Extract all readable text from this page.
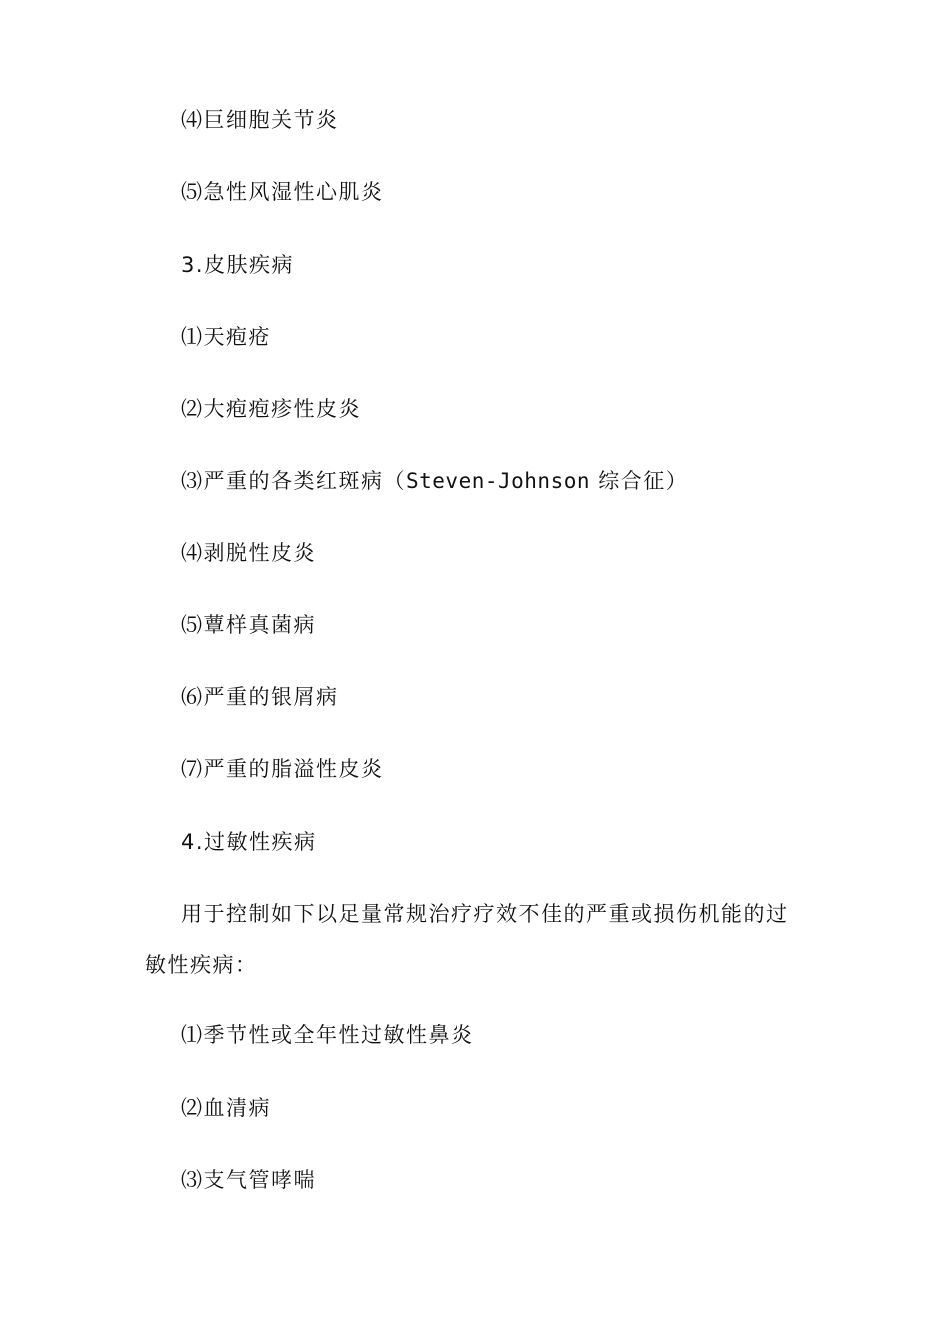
⑷巨细胞关节炎
⑸急性风湿性心肌炎
3.皮肤疾病
⑴天疱疮
⑵大疱疱疹性皮炎
⑶严重的各类红斑病（Steven-Johnson 综合征）
⑷剥脱性皮炎
⑸蕈样真菌病
⑹严重的银屑病
⑺严重的脂溢性皮炎
4.过敏性疾病
用于控制如下以足量常规治疗疗效不佳的严重或损伤机能的过
敏性疾病：
⑴季节性或全年性过敏性鼻炎
⑵血清病
⑶支气管哮喘
